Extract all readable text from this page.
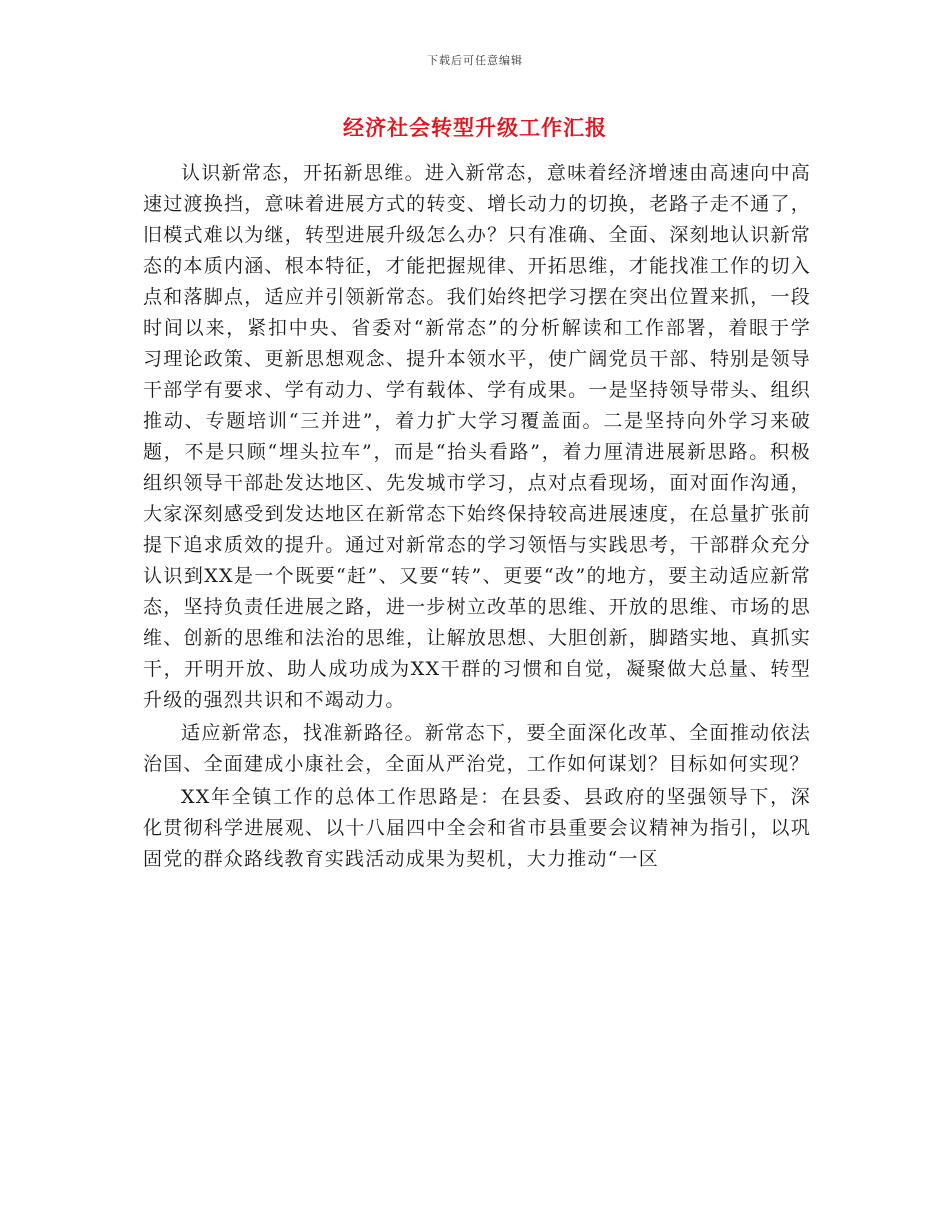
下载后可任意编辑
经济社会转型升级工作汇报

认识新常态，开拓新思维。进入新常态，意味着经济增速由高速向中高速过渡换挡，意味着进展方式的转变、增长动力的切换，老路子走不通了，旧模式难以为继，转型进展升级怎么办？只有准确、全面、深刻地认识新常态的本质内涵、根本特征，才能把握规律、开拓思维，才能找准工作的切入点和落脚点，适应并引领新常态。我们始终把学习摆在突出位置来抓，一段时间以来，紧扣中央、省委对“新常态”的分析解读和工作部署，着眼于学习理论政策、更新思想观念、提升本领水平，使广阔党员干部、特别是领导干部学有要求、学有动力、学有载体、学有成果。一是坚持领导带头、组织推动、专题培训“三并进”，着力扩大学习覆盖面。二是坚持向外学习来破题，不是只顾“埋头拉车”，而是“抬头看路”，着力厘清进展新思路。积极组织领导干部赴发达地区、先发城市学习，点对点看现场，面对面作沟通，大家深刻感受到发达地区在新常态下始终保持较高进展速度，在总量扩张前提下追求质效的提升。通过对新常态的学习领悟与实践思考，干部群众充分认识到XX是一个既要“赶”、又要“转”、更要“改”的地方，要主动适应新常态，坚持负责任进展之路，进一步树立改革的思维、开放的思维、市场的思维、创新的思维和法治的思维，让解放思想、大胆创新，脚踏实地、真抓实干，开明开放、助人成功成为XX干群的习惯和自觉，凝聚做大总量、转型升级的强烈共识和不竭动力。

适应新常态，找准新路径。新常态下，要全面深化改革、全面推动依法治国、全面建成小康社会，全面从严治党，工作如何谋划？目标如何实现？

XX年全镇工作的总体工作思路是：在县委、县政府的坚强领导下，深化贯彻科学进展观、以十八届四中全会和省市县重要会议精神为指引，以巩固党的群众路线教育实践活动成果为契机，大力推动“一区
